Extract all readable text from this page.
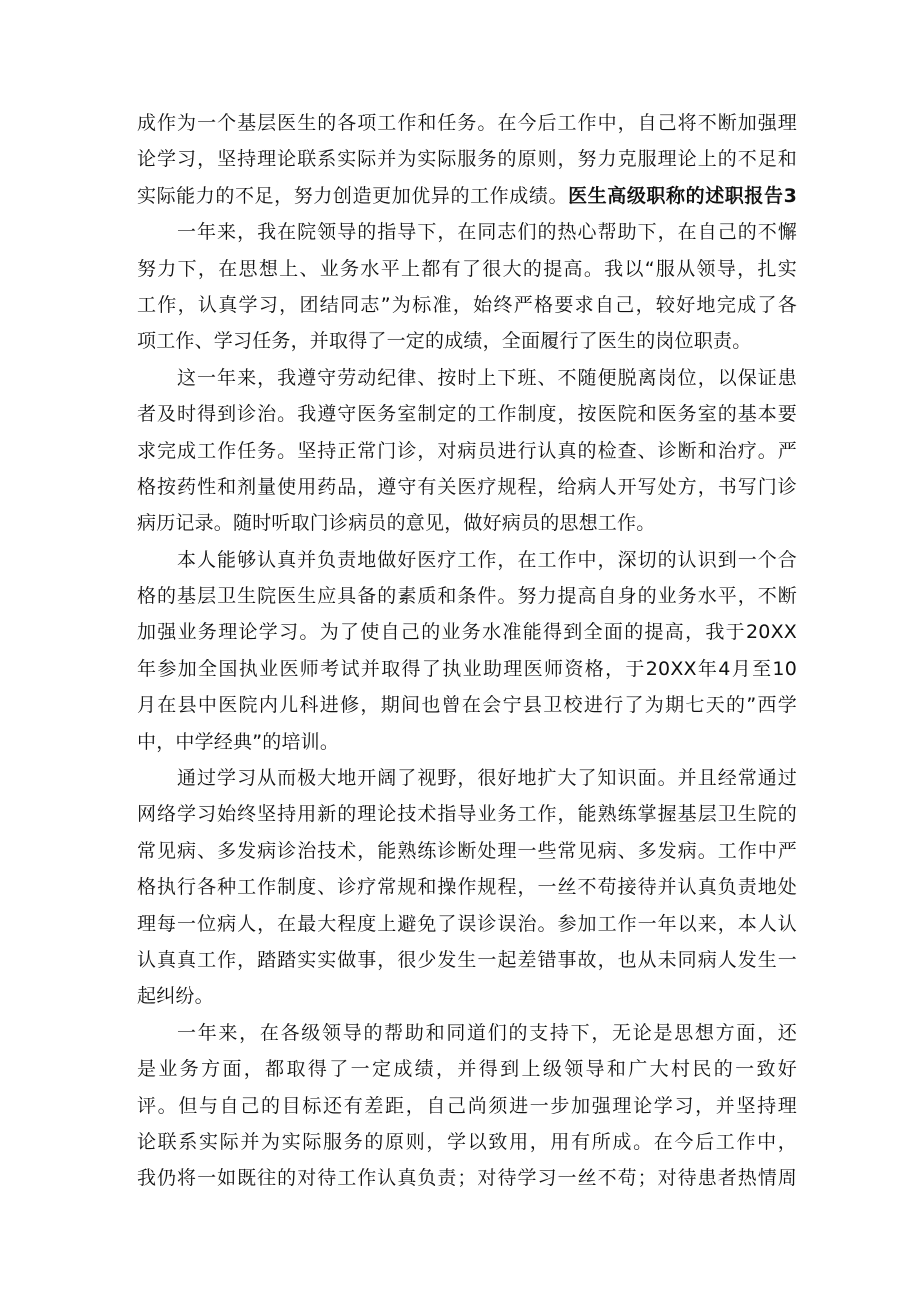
成作为一个基层医生的各项工作和任务。在今后工作中，自己将不断加强理
论学习，坚持理论联系实际并为实际服务的原则，努力克服理论上的不足和
实际能力的不足，努力创造更加优异的工作成绩。医生高级职称的述职报告3
一年来，我在院领导的指导下，在同志们的热心帮助下，在自己的不懈
努力下，在思想上、业务水平上都有了很大的提高。我以“服从领导，扎实
工作，认真学习，团结同志”为标准，始终严格要求自己，较好地完成了各
项工作、学习任务，并取得了一定的成绩，全面履行了医生的岗位职责。
这一年来，我遵守劳动纪律、按时上下班、不随便脱离岗位，以保证患
者及时得到诊治。我遵守医务室制定的工作制度，按医院和医务室的基本要
求完成工作任务。坚持正常门诊，对病员进行认真的检查、诊断和治疗。严
格按药性和剂量使用药品，遵守有关医疗规程，给病人开写处方，书写门诊
病历记录。随时听取门诊病员的意见，做好病员的思想工作。
本人能够认真并负责地做好医疗工作，在工作中，深切的认识到一个合
格的基层卫生院医生应具备的素质和条件。努力提高自身的业务水平，不断
加强业务理论学习。为了使自己的业务水准能得到全面的提高，我于20XX
年参加全国执业医师考试并取得了执业助理医师资格，于20XX年4月至10
月在县中医院内儿科进修，期间也曾在会宁县卫校进行了为期七天的”西学
中，中学经典”的培训。
通过学习从而极大地开阔了视野，很好地扩大了知识面。并且经常通过
网络学习始终坚持用新的理论技术指导业务工作，能熟练掌握基层卫生院的
常见病、多发病诊治技术，能熟练诊断处理一些常见病、多发病。工作中严
格执行各种工作制度、诊疗常规和操作规程，一丝不苟接待并认真负责地处
理每一位病人，在最大程度上避免了误诊误治。参加工作一年以来，本人认
认真真工作，踏踏实实做事，很少发生一起差错事故，也从未同病人发生一
起纠纷。
一年来，在各级领导的帮助和同道们的支持下，无论是思想方面，还
是业务方面，都取得了一定成绩，并得到上级领导和广大村民的一致好
评。但与自己的目标还有差距，自己尚须进一步加强理论学习，并坚持理
论联系实际并为实际服务的原则，学以致用，用有所成。在今后工作中，
我仍将一如既往的对待工作认真负责；对待学习一丝不苟；对待患者热情周
